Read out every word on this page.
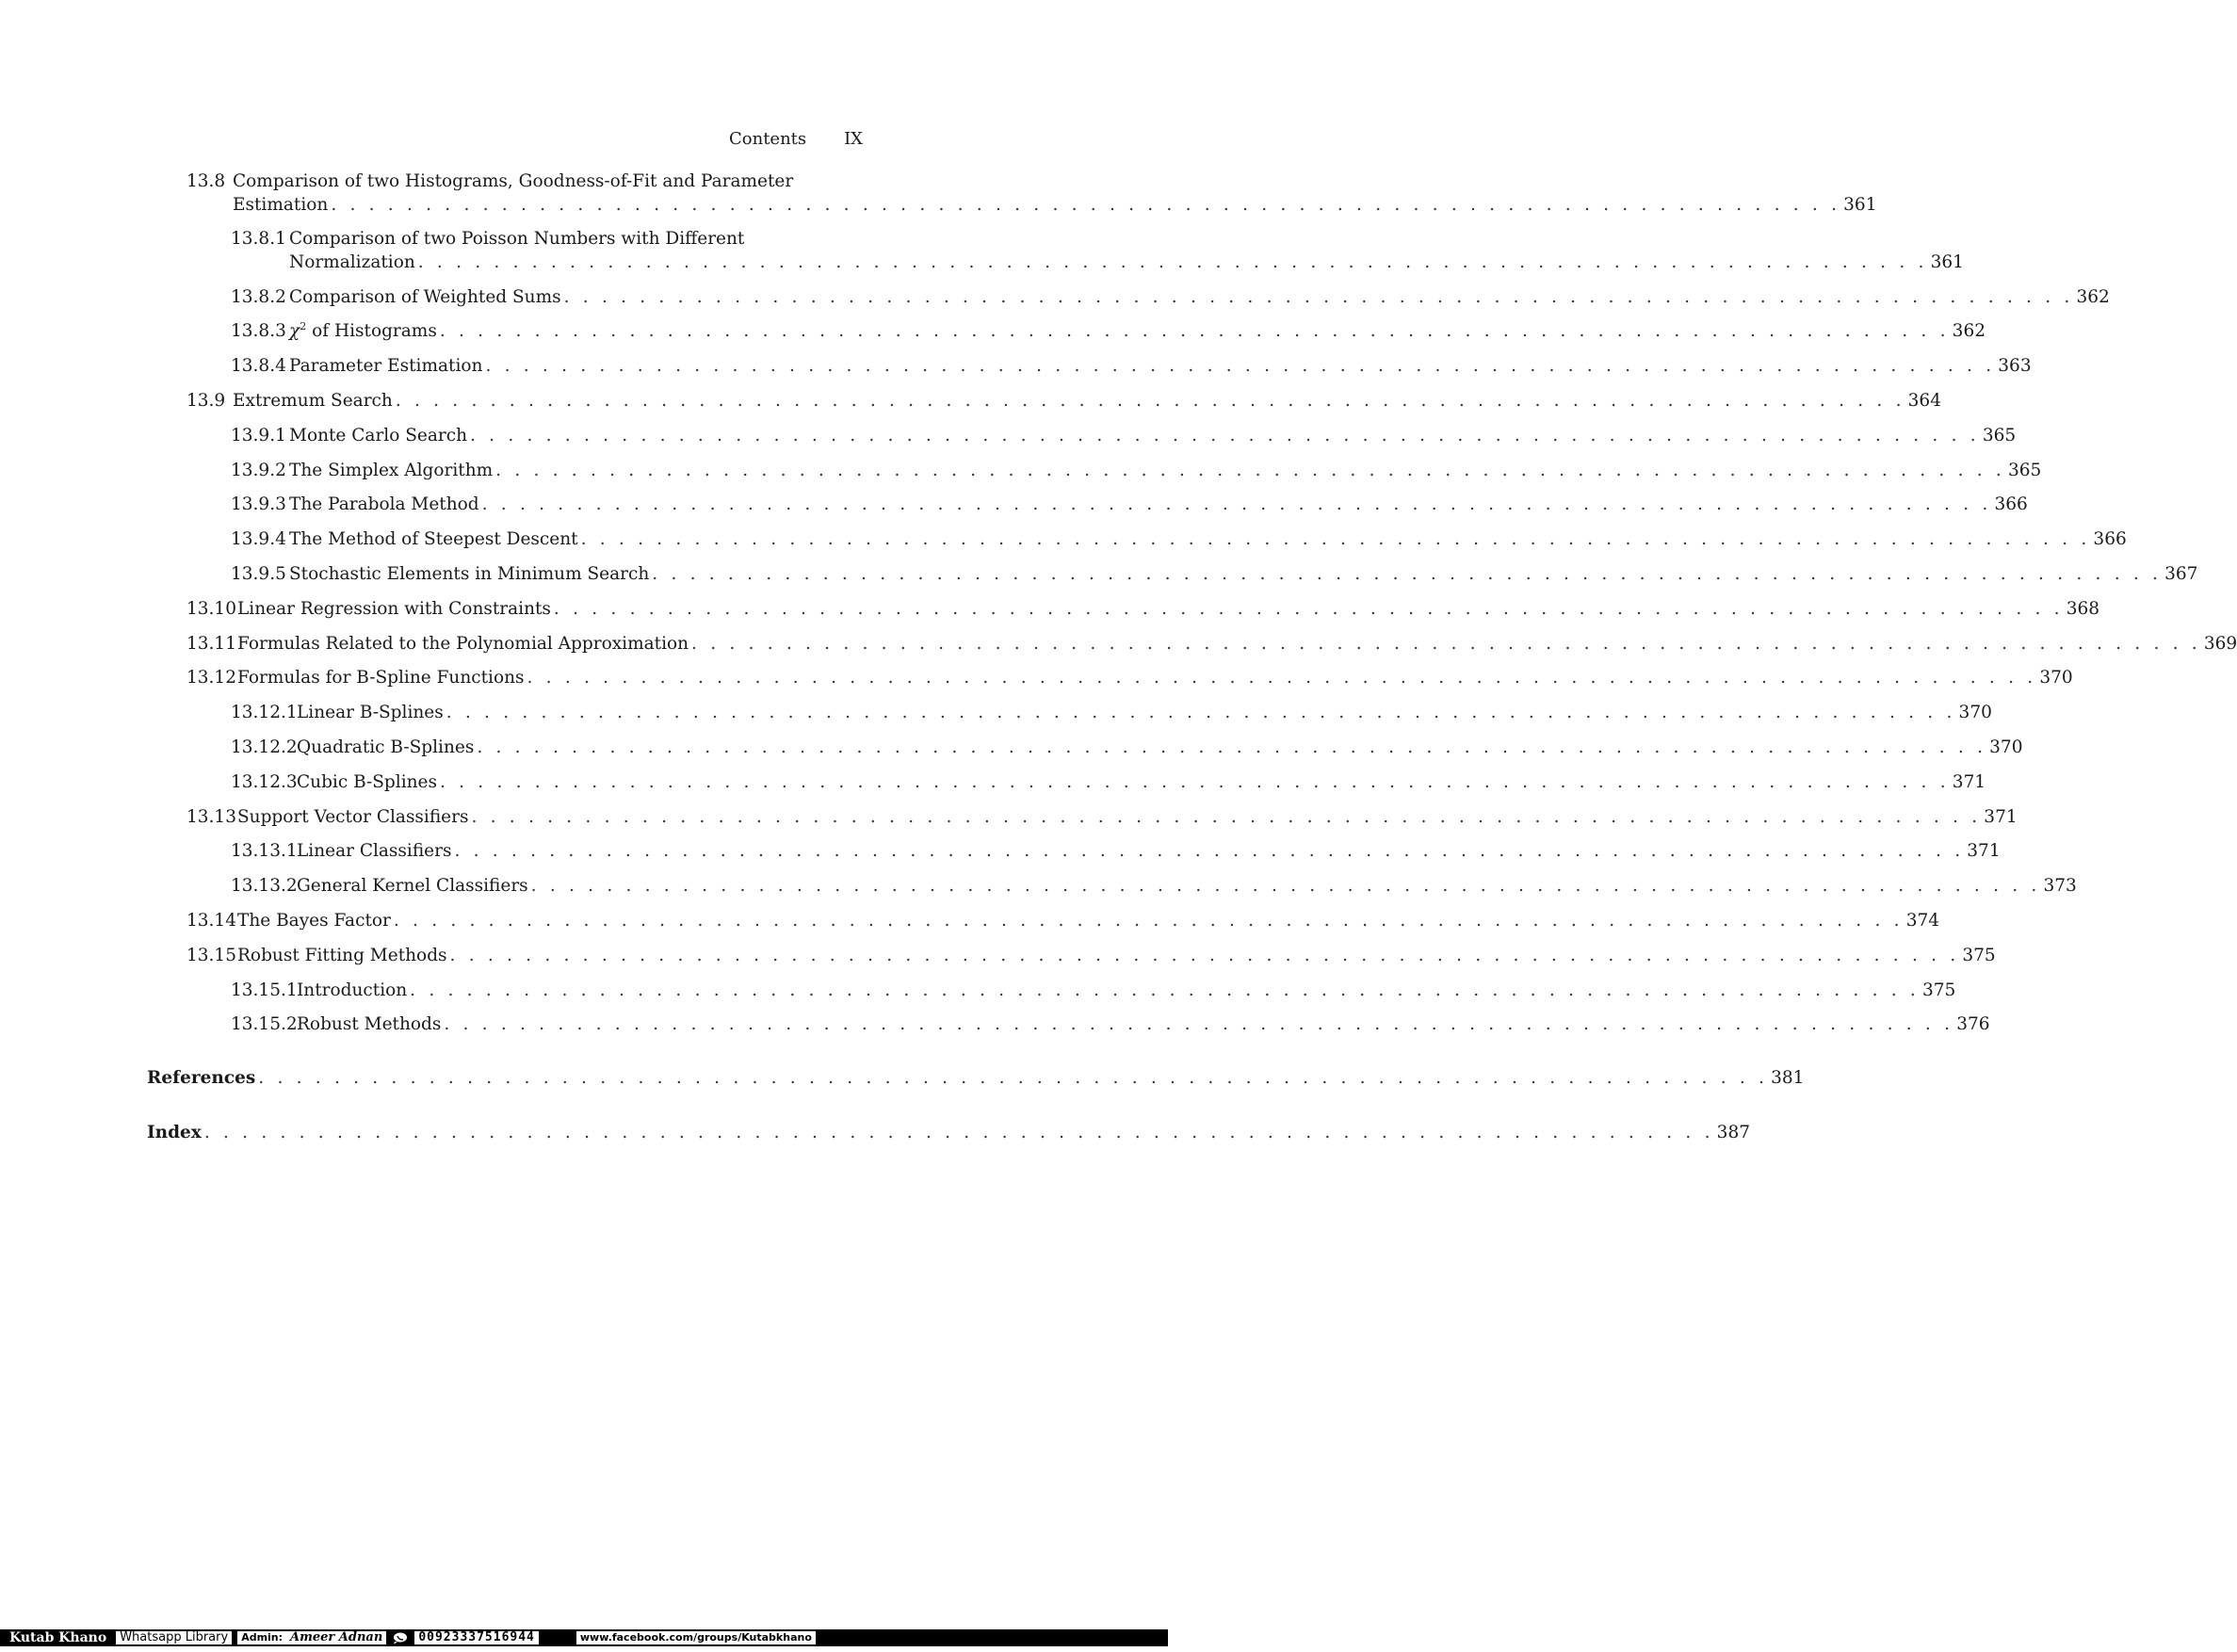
Contents IX
13.8 Comparison of two Histograms, Goodness-of-Fit and Parameter
Estimation . . . . . . . . . . . . . . . . . . . . . . . . . . . . . . . . . . . . . . . . . . . . . . . . . . . . . . . . . . . . . . . . . . . . . . . . . . . . . . . . 361
13.8.1 Comparison of two Poisson Numbers with Different
Normalization . . . . . . . . . . . . . . . . . . . . . . . . . . . . . . . . . . . . . . . . . . . . . . . . . . . . . . . . . . . . . . . . . . . . . . . . . . . . . . . . 361
13.8.2 Comparison of Weighted Sums . . . . . . . . . . . . . . . . . . . . . . . . . . . . . . . . . . . . . . . . . . . . . . . . . . . . . . . . . . . . . . . . . . . . . . . . . . . . . . . . 362
13.8.3 $\chi^2$ of Histograms . . . . . . . . . . . . . . . . . . . . . . . . . . . . . . . . . . . . . . . . . . . . . . . . . . . . . . . . . . . . . . . . . . . . . . . . . . . . . . . . 362
13.8.4 Parameter Estimation . . . . . . . . . . . . . . . . . . . . . . . . . . . . . . . . . . . . . . . . . . . . . . . . . . . . . . . . . . . . . . . . . . . . . . . . . . . . . . . . 363
13.9 Extremum Search . . . . . . . . . . . . . . . . . . . . . . . . . . . . . . . . . . . . . . . . . . . . . . . . . . . . . . . . . . . . . . . . . . . . . . . . . . . . . . . . 364
13.9.1 Monte Carlo Search . . . . . . . . . . . . . . . . . . . . . . . . . . . . . . . . . . . . . . . . . . . . . . . . . . . . . . . . . . . . . . . . . . . . . . . . . . . . . . . . 365
13.9.2 The Simplex Algorithm . . . . . . . . . . . . . . . . . . . . . . . . . . . . . . . . . . . . . . . . . . . . . . . . . . . . . . . . . . . . . . . . . . . . . . . . . . . . . . . . 365
13.9.3 The Parabola Method . . . . . . . . . . . . . . . . . . . . . . . . . . . . . . . . . . . . . . . . . . . . . . . . . . . . . . . . . . . . . . . . . . . . . . . . . . . . . . . . 366
13.9.4 The Method of Steepest Descent . . . . . . . . . . . . . . . . . . . . . . . . . . . . . . . . . . . . . . . . . . . . . . . . . . . . . . . . . . . . . . . . . . . . . . . . . . . . . . . . 366
13.9.5 Stochastic Elements in Minimum Search . . . . . . . . . . . . . . . . . . . . . . . . . . . . . . . . . . . . . . . . . . . . . . . . . . . . . . . . . . . . . . . . . . . . . . . . . . . . . . . . 367
13.10 Linear Regression with Constraints . . . . . . . . . . . . . . . . . . . . . . . . . . . . . . . . . . . . . . . . . . . . . . . . . . . . . . . . . . . . . . . . . . . . . . . . . . . . . . . . 368
13.11 Formulas Related to the Polynomial Approximation . . . . . . . . . . . . . . . . . . . . . . . . . . . . . . . . . . . . . . . . . . . . . . . . . . . . . . . . . . . . . . . . . . . . . . . . . . . . . . . . 369
13.12 Formulas for B-Spline Functions . . . . . . . . . . . . . . . . . . . . . . . . . . . . . . . . . . . . . . . . . . . . . . . . . . . . . . . . . . . . . . . . . . . . . . . . . . . . . . . . 370
13.12.1 Linear B-Splines . . . . . . . . . . . . . . . . . . . . . . . . . . . . . . . . . . . . . . . . . . . . . . . . . . . . . . . . . . . . . . . . . . . . . . . . . . . . . . . . 370
13.12.2 Quadratic B-Splines . . . . . . . . . . . . . . . . . . . . . . . . . . . . . . . . . . . . . . . . . . . . . . . . . . . . . . . . . . . . . . . . . . . . . . . . . . . . . . . . 370
13.12.3 Cubic B-Splines . . . . . . . . . . . . . . . . . . . . . . . . . . . . . . . . . . . . . . . . . . . . . . . . . . . . . . . . . . . . . . . . . . . . . . . . . . . . . . . . 371
13.13 Support Vector Classifiers . . . . . . . . . . . . . . . . . . . . . . . . . . . . . . . . . . . . . . . . . . . . . . . . . . . . . . . . . . . . . . . . . . . . . . . . . . . . . . . . 371
13.13.1 Linear Classifiers . . . . . . . . . . . . . . . . . . . . . . . . . . . . . . . . . . . . . . . . . . . . . . . . . . . . . . . . . . . . . . . . . . . . . . . . . . . . . . . . 371
13.13.2 General Kernel Classifiers . . . . . . . . . . . . . . . . . . . . . . . . . . . . . . . . . . . . . . . . . . . . . . . . . . . . . . . . . . . . . . . . . . . . . . . . . . . . . . . . 373
13.14 The Bayes Factor . . . . . . . . . . . . . . . . . . . . . . . . . . . . . . . . . . . . . . . . . . . . . . . . . . . . . . . . . . . . . . . . . . . . . . . . . . . . . . . . 374
13.15 Robust Fitting Methods . . . . . . . . . . . . . . . . . . . . . . . . . . . . . . . . . . . . . . . . . . . . . . . . . . . . . . . . . . . . . . . . . . . . . . . . . . . . . . . . 375
13.15.1 Introduction . . . . . . . . . . . . . . . . . . . . . . . . . . . . . . . . . . . . . . . . . . . . . . . . . . . . . . . . . . . . . . . . . . . . . . . . . . . . . . . . 375
13.15.2 Robust Methods . . . . . . . . . . . . . . . . . . . . . . . . . . . . . . . . . . . . . . . . . . . . . . . . . . . . . . . . . . . . . . . . . . . . . . . . . . . . . . . . 376
References . . . . . . . . . . . . . . . . . . . . . . . . . . . . . . . . . . . . . . . . . . . . . . . . . . . . . . . . . . . . . . . . . . . . . . . . . . . . . . . . 381
Index . . . . . . . . . . . . . . . . . . . . . . . . . . . . . . . . . . . . . . . . . . . . . . . . . . . . . . . . . . . . . . . . . . . . . . . . . . . . . . . . 387
Kutab Khano	Whatsapp Library	Admin: Ameer Adnan	00923337516944	www.facebook.com/groups/Kutabkhano
